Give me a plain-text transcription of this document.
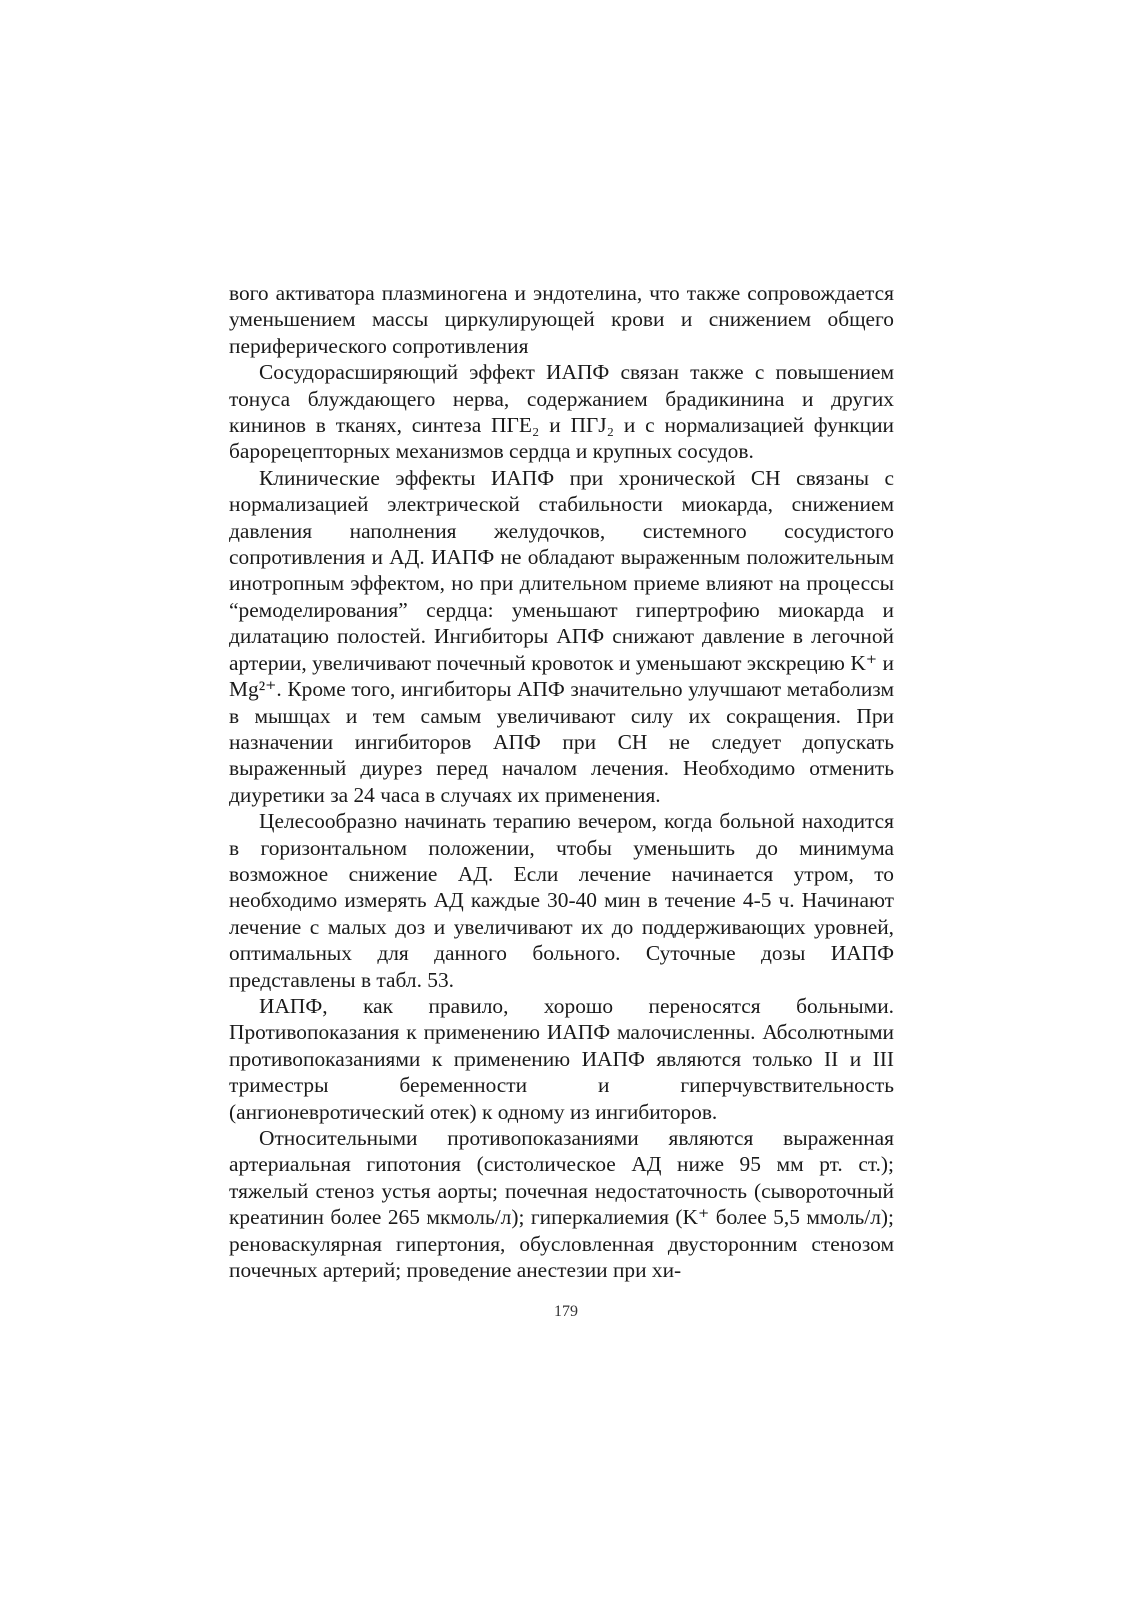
вого активатора плазминогена и эндотелина, что также сопровождается уменьшением массы циркулирующей крови и снижением общего периферического сопротивления

Сосудорасширяющий эффект ИАПФ связан также с повышением тонуса блуждающего нерва, содержанием брадикинина и других кининов в тканях, синтеза ПГЕ₂ и ПГJ₂ и с нормализацией функции барорецепторных механизмов сердца и крупных сосудов.

Клинические эффекты ИАПФ при хронической СН связаны с нормализацией электрической стабильности миокарда, снижением давления наполнения желудочков, системного сосудистого сопротивления и АД. ИАПФ не обладают выраженным положительным инотропным эффектом, но при длительном приеме влияют на процессы “ремоделирования” сердца: уменьшают гипертрофию миокарда и дилатацию полостей. Ингибиторы АПФ снижают давление в легочной артерии, увеличивают почечный кровоток и уменьшают экскрецию K⁺ и Mg²⁺. Кроме того, ингибиторы АПФ значительно улучшают метаболизм в мышцах и тем самым увеличивают силу их сокращения. При назначении ингибиторов АПФ при СН не следует допускать выраженный диурез перед началом лечения. Необходимо отменить диуретики за 24 часа в случаях их применения.

Целесообразно начинать терапию вечером, когда больной находится в горизонтальном положении, чтобы уменьшить до минимума возможное снижение АД. Если лечение начинается утром, то необходимо измерять АД каждые 30-40 мин в течение 4-5 ч. Начинают лечение с малых доз и увеличивают их до поддерживающих уровней, оптимальных для данного больного. Суточные дозы ИАПФ представлены в табл. 53.

ИАПФ, как правило, хорошо переносятся больными. Противопоказания к применению ИАПФ малочисленны. Абсолютными противопоказаниями к применению ИАПФ являются только II и III триместры беременности и гиперчувствительность (ангионевротический отек) к одному из ингибиторов.

Относительными противопоказаниями являются выраженная артериальная гипотония (систолическое АД ниже 95 мм рт. ст.); тяжелый стеноз устья аорты; почечная недостаточность (сывороточный креатинин более 265 мкмоль/л); гиперкалиемия (K⁺ более 5,5 ммоль/л); реноваскулярная гипертония, обусловленная двусторонним стенозом почечных артерий; проведение анестезии при хи-

179
